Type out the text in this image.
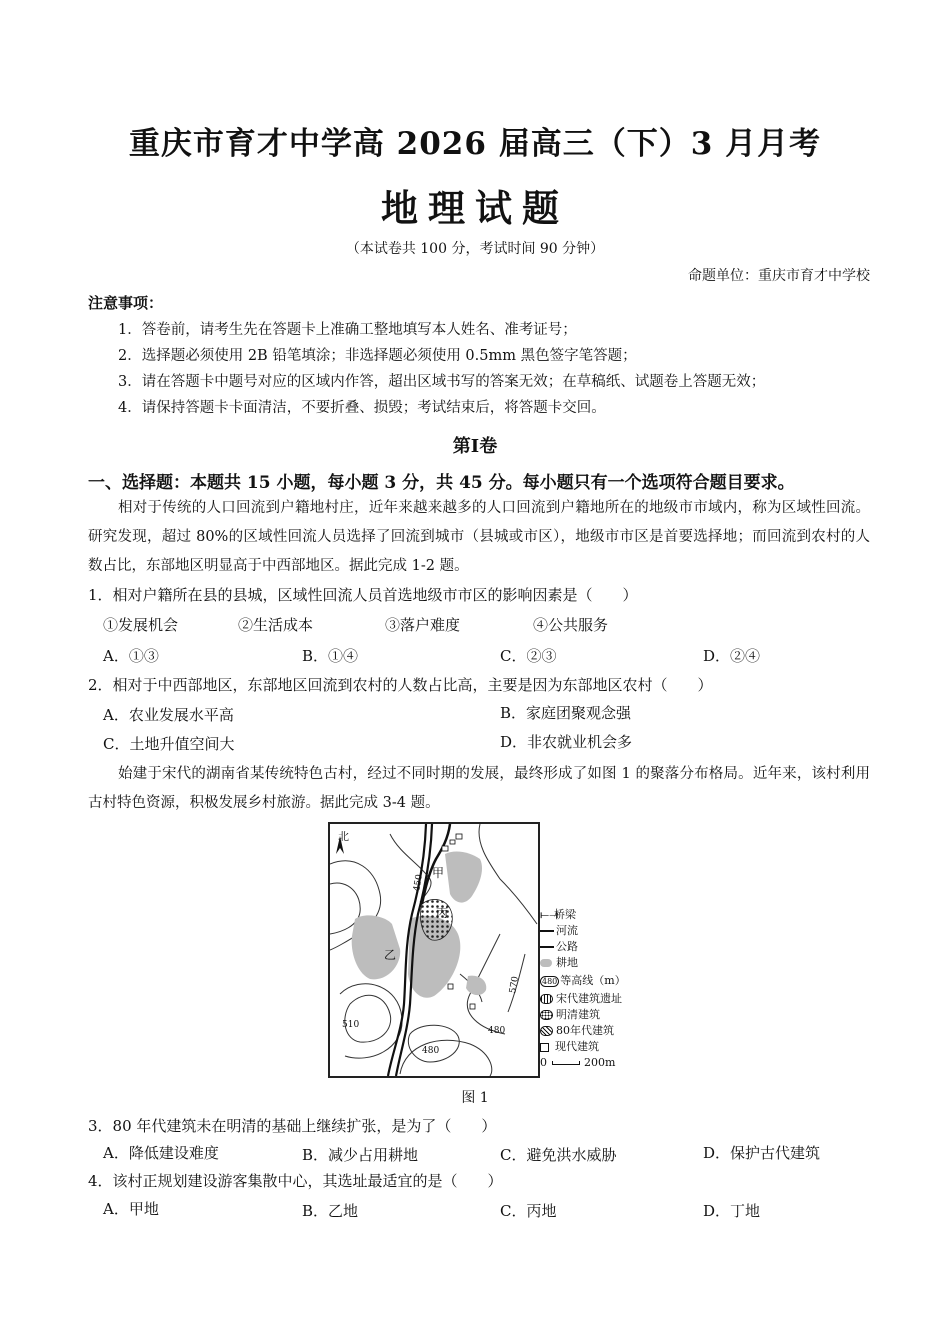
重庆市育才中学高 2026 届高三（下）3 月月考
地理试题
（本试卷共 100 分，考试时间 90 分钟）
命题单位：重庆市育才中学校
注意事项：
1．答卷前，请考生先在答题卡上准确工整地填写本人姓名、准考证号；
2．选择题必须使用 2B 铅笔填涂；非选择题必须使用 0.5mm 黑色签字笔答题；
3．请在答题卡中题号对应的区域内作答，超出区域书写的答案无效；在草稿纸、试题卷上答题无效；
4．请保持答题卡卡面清洁，不要折叠、损毁；考试结束后，将答题卡交回。
第Ⅰ卷
一、选择题：本题共 15 小题，每小题 3 分，共 45 分。每小题只有一个选项符合题目要求。
相对于传统的人口回流到户籍地村庄，近年来越来越多的人口回流到户籍地所在的地级市市域内，称为区域性回流。研究发现，超过 80%的区域性回流人员选择了回流到城市（县城或市区），地级市市区是首要选择地；而回流到农村的人数占比，东部地区明显高于中西部地区。据此完成 1-2 题。
1．相对户籍所在县的县城，区域性回流人员首选地级市市区的影响因素是（　　）
①发展机会	②生活成本	③落户难度	④公共服务
A．①③	B．①④	C．②③	D．②④
2．相对于中西部地区，东部地区回流到农村的人数占比高，主要是因为东部地区农村（　　）
A．农业发展水平高	B．家庭团聚观念强
C．土地升值空间大	D．非农就业机会多
始建于宋代的湖南省某传统特色古村，经过不同时期的发展，最终形成了如图 1 的聚落分布格局。近年来，该村利用古村特色资源，积极发展乡村旅游。据此完成 3-4 题。
北
甲
乙
丙
450
510
480
570
480
⟝⟞桥梁
河流
公路
耕地
480 等高线（m）
宋代建筑遗址
明清建筑
80年代建筑
现代建筑
0	200m
图 1
3．80 年代建筑未在明清的基础上继续扩张，是为了（　　）
A．降低建设难度	B．减少占用耕地	C．避免洪水威胁	D．保护古代建筑
4．该村正规划建设游客集散中心，其选址最适宜的是（　　）
A．甲地	B．乙地	C．丙地	D．丁地
